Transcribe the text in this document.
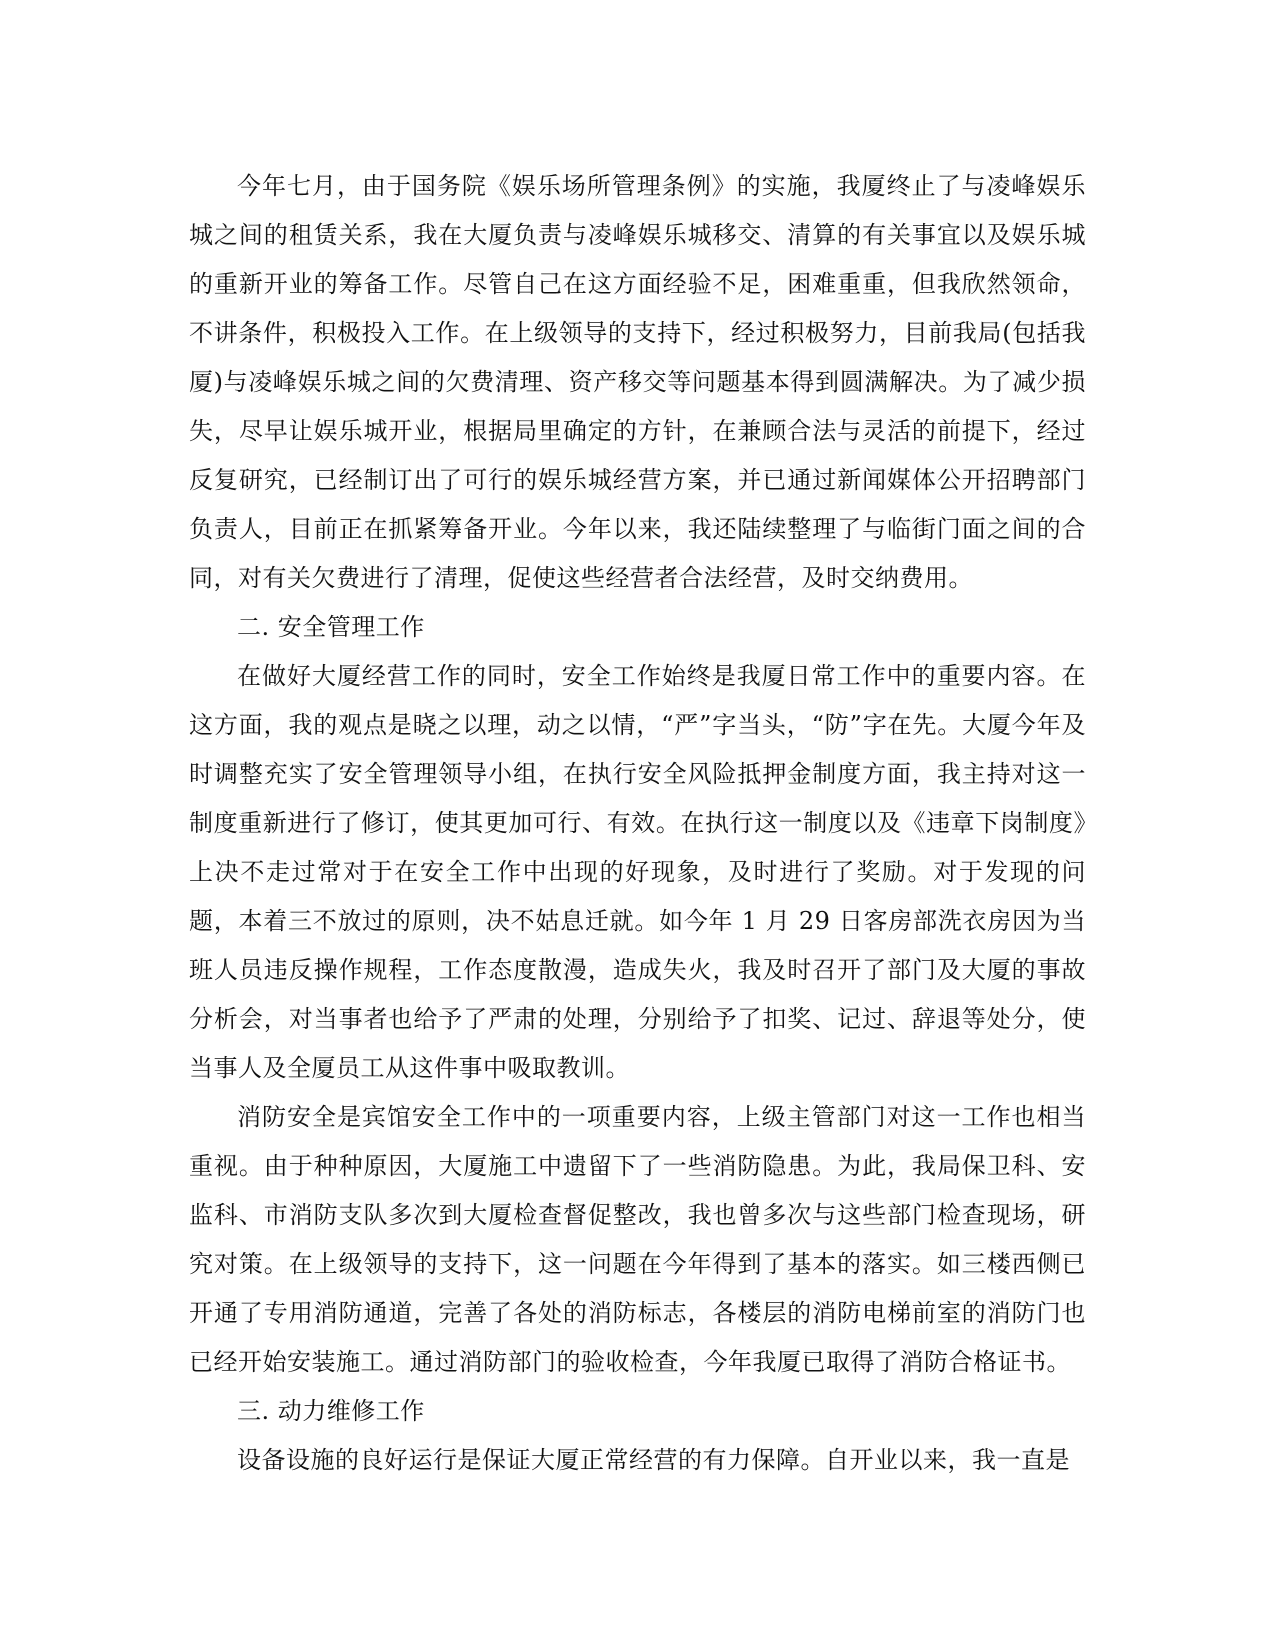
今年七月，由于国务院《娱乐场所管理条例》的实施，我厦终止了与凌峰娱乐城之间的租赁关系，我在大厦负责与凌峰娱乐城移交、清算的有关事宜以及娱乐城的重新开业的筹备工作。尽管自己在这方面经验不足，困难重重，但我欣然领命，不讲条件，积极投入工作。在上级领导的支持下，经过积极努力，目前我局(包括我厦)与凌峰娱乐城之间的欠费清理、资产移交等问题基本得到圆满解决。为了减少损失，尽早让娱乐城开业，根据局里确定的方针，在兼顾合法与灵活的前提下，经过反复研究，已经制订出了可行的娱乐城经营方案，并已通过新闻媒体公开招聘部门负责人，目前正在抓紧筹备开业。今年以来，我还陆续整理了与临街门面之间的合同，对有关欠费进行了清理，促使这些经营者合法经营，及时交纳费用。

二. 安全管理工作

在做好大厦经营工作的同时，安全工作始终是我厦日常工作中的重要内容。在这方面，我的观点是晓之以理，动之以情，“严”字当头，“防”字在先。大厦今年及时调整充实了安全管理领导小组，在执行安全风险抵押金制度方面，我主持对这一制度重新进行了修订，使其更加可行、有效。在执行这一制度以及《违章下岗制度》上决不走过常对于在安全工作中出现的好现象，及时进行了奖励。对于发现的问题，本着三不放过的原则，决不姑息迁就。如今年 1 月 29 日客房部洗衣房因为当班人员违反操作规程，工作态度散漫，造成失火，我及时召开了部门及大厦的事故分析会，对当事者也给予了严肃的处理，分别给予了扣奖、记过、辞退等处分，使当事人及全厦员工从这件事中吸取教训。

消防安全是宾馆安全工作中的一项重要内容，上级主管部门对这一工作也相当重视。由于种种原因，大厦施工中遗留下了一些消防隐患。为此，我局保卫科、安监科、市消防支队多次到大厦检查督促整改，我也曾多次与这些部门检查现场，研究对策。在上级领导的支持下，这一问题在今年得到了基本的落实。如三楼西侧已开通了专用消防通道，完善了各处的消防标志，各楼层的消防电梯前室的消防门也已经开始安装施工。通过消防部门的验收检查，今年我厦已取得了消防合格证书。

三. 动力维修工作

设备设施的良好运行是保证大厦正常经营的有力保障。自开业以来，我一直是
